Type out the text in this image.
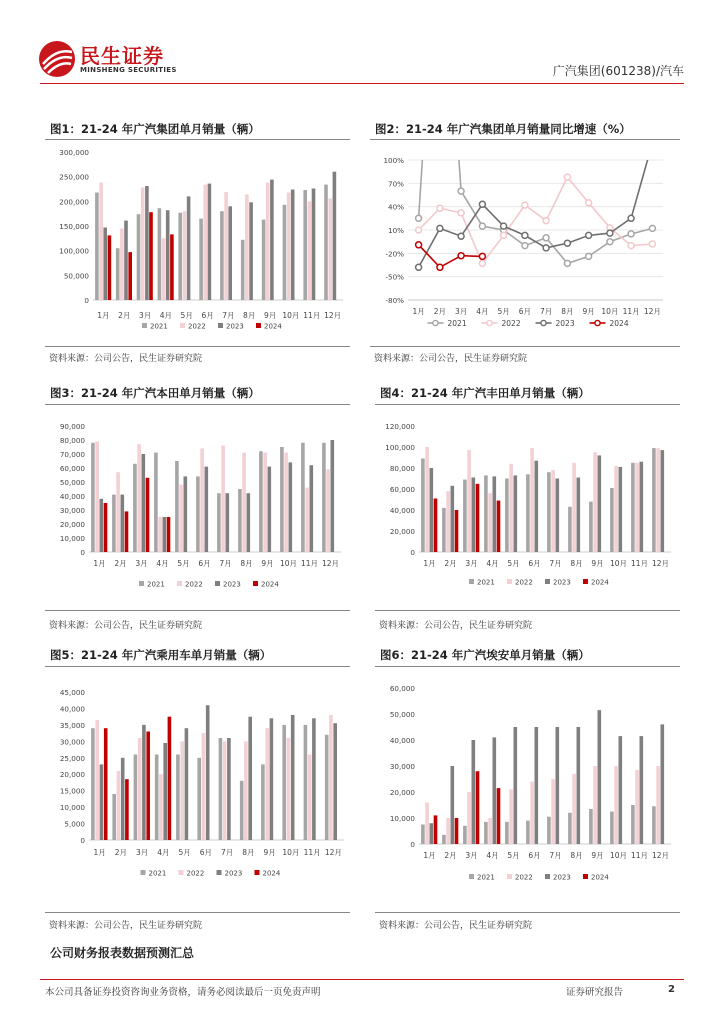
民生证券
MINSHENG SECURITIES	广汽集团(601238)/汽车
图1：21-24 年广汽集团单月销量（辆）
0
50,000
100,000
150,000
200,000
250,000
300,000
1月 2月 3月 4月 5月 6月 7月 8月 9月 10月 11月 12月
2021	2022	2023	2024
资料来源：公司公告，民生证券研究院
图2：21-24 年广汽集团单月销量同比增速（%）
-80%
-50%
-20%
10%
40%
70%
100%
1月 2月 3月 4月 5月 6月 7月 8月 9月 10月 11月 12月
2021	2022	2023	2024
资料来源：公司公告，民生证券研究院
图3：21-24 年广汽本田单月销量（辆）
0
10,000
20,000
30,000
40,000
50,000
60,000
70,000
80,000
90,000
1月 2月 3月 4月 5月 6月 7月 8月 9月 10月 11月 12月
2021	2022	2023	2024
资料来源：公司公告，民生证券研究院
图4：21-24 年广汽丰田单月销量（辆）
0
20,000
40,000
60,000
80,000
100,000
120,000
1月 2月 3月 4月 5月 6月 7月 8月 9月 10月 11月 12月
2021	2022	2023	2024
资料来源：公司公告，民生证券研究院
图5：21-24 年广汽乘用车单月销量（辆）
0
5,000
10,000
15,000
20,000
25,000
30,000
35,000
40,000
45,000
1月 2月 3月 4月 5月 6月 7月 8月 9月 10月 11月 12月
2021	2022	2023	2024
资料来源：公司公告，民生证券研究院
图6：21-24 年广汽埃安单月销量（辆）
0
10,000
20,000
30,000
40,000
50,000
60,000
1月 2月 3月 4月 5月 6月 7月 8月 9月 10月 11月 12月
2021	2022	2023	2024
资料来源：公司公告，民生证券研究院
公司财务报表数据预测汇总
本公司具备证券投资咨询业务资格，请务必阅读最后一页免责声明	证券研究报告	2
